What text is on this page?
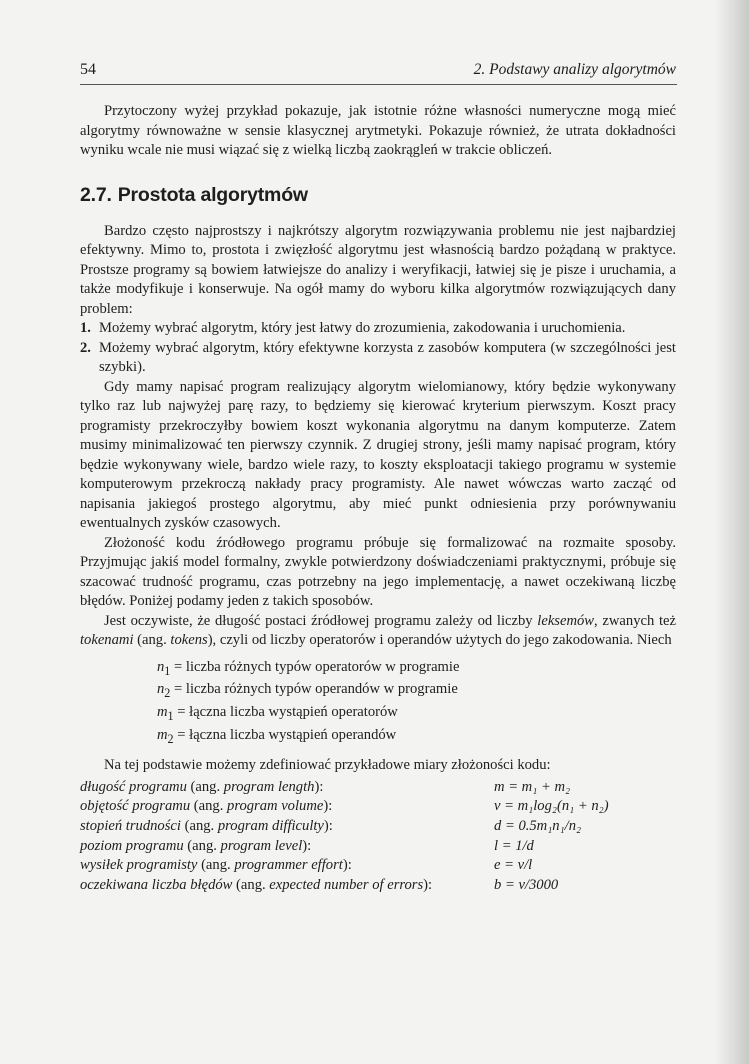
54	2. Podstawy analizy algorytmów

Przytoczony wyżej przykład pokazuje, jak istotnie różne własności numeryczne mogą mieć algorytmy równoważne w sensie klasycznej arytmetyki. Pokazuje również, że utrata dokładności wyniku wcale nie musi wiązać się z wielką liczbą zaokrągleń w trakcie obliczeń.

2.7. Prostota algorytmów

Bardzo często najprostszy i najkrótszy algorytm rozwiązywania problemu nie jest najbardziej efektywny. Mimo to, prostota i zwięzłość algorytmu jest własnością bardzo pożądaną w praktyce. Prostsze programy są bowiem łatwiejsze do analizy i weryfikacji, łatwiej się je pisze i uruchamia, a także modyfikuje i konserwuje. Na ogół mamy do wyboru kilka algorytmów rozwiązujących dany problem:

1. Możemy wybrać algorytm, który jest łatwy do zrozumienia, zakodowania i uruchomienia.
2. Możemy wybrać algorytm, który efektywne korzysta z zasobów komputera (w szczególności jest szybki).

Gdy mamy napisać program realizujący algorytm wielomianowy, który będzie wykonywany tylko raz lub najwyżej parę razy, to będziemy się kierować kryterium pierwszym. Koszt pracy programisty przekroczyłby bowiem koszt wykonania algorytmu na danym komputerze. Zatem musimy minimalizować ten pierwszy czynnik. Z drugiej strony, jeśli mamy napisać program, który będzie wykonywany wiele, bardzo wiele razy, to koszty eksploatacji takiego programu w systemie komputerowym przekroczą nakłady pracy programisty. Ale nawet wówczas warto zacząć od napisania jakiegoś prostego algorytmu, aby mieć punkt odniesienia przy porównywaniu ewentualnych zysków czasowych.

Złożoność kodu źródłowego programu próbuje się formalizować na rozmaite sposoby. Przyjmując jakiś model formalny, zwykle potwierdzony doświadczeniami praktycznymi, próbuje się szacować trudność programu, czas potrzebny na jego implementację, a nawet oczekiwaną liczbę błędów. Poniżej podamy jeden z takich sposobów.

Jest oczywiste, że długość postaci źródłowej programu zależy od liczby leksemów, zwanych też tokenami (ang. tokens), czyli od liczby operatorów i operandów użytych do jego zakodowania. Niech

$n_1$ = liczba różnych typów operatorów w programie
$n_2$ = liczba różnych typów operandów w programie
$m_1$ = łączna liczba wystąpień operatorów
$m_2$ = łączna liczba wystąpień operandów

Na tej podstawie możemy zdefiniować przykładowe miary złożoności kodu:

długość programu (ang. program length):	m = m₁ + m₂
objętość programu (ang. program volume):	v = m₁log₂(n₁ + n₂)
stopień trudności (ang. program difficulty):	d = 0.5m₁n₁/n₂
poziom programu (ang. program level):	l = 1/d
wysiłek programisty (ang. programmer effort):	e = v/l
oczekiwana liczba błędów (ang. expected number of errors):	b = v/3000
